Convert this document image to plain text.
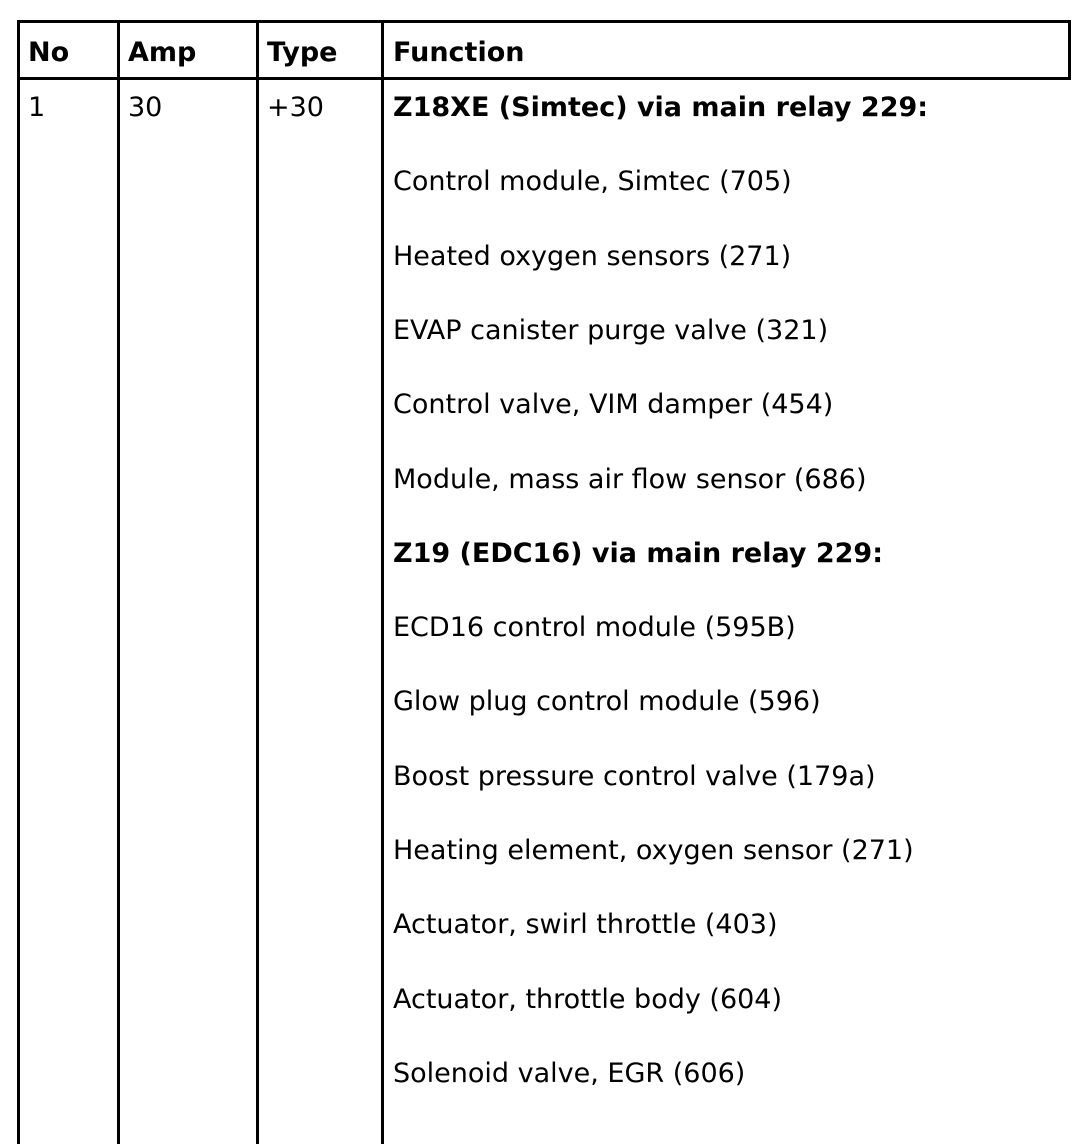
No Amp	Type Function
1	30	+30	Z18XE (Simtec) via main relay 229:
Control module, Simtec (705)
Heated oxygen sensors (271)
EVAP canister purge valve (321)
Control valve, VIM damper (454)
Module, mass air flow sensor (686)
Z19 (EDC16) via main relay 229:
ECD16 control module (595B)
Glow plug control module (596)
Boost pressure control valve (179a)
Heating element, oxygen sensor (271)
Actuator, swirl throttle (403)
Actuator, throttle body (604)
Solenoid valve, EGR (606)
